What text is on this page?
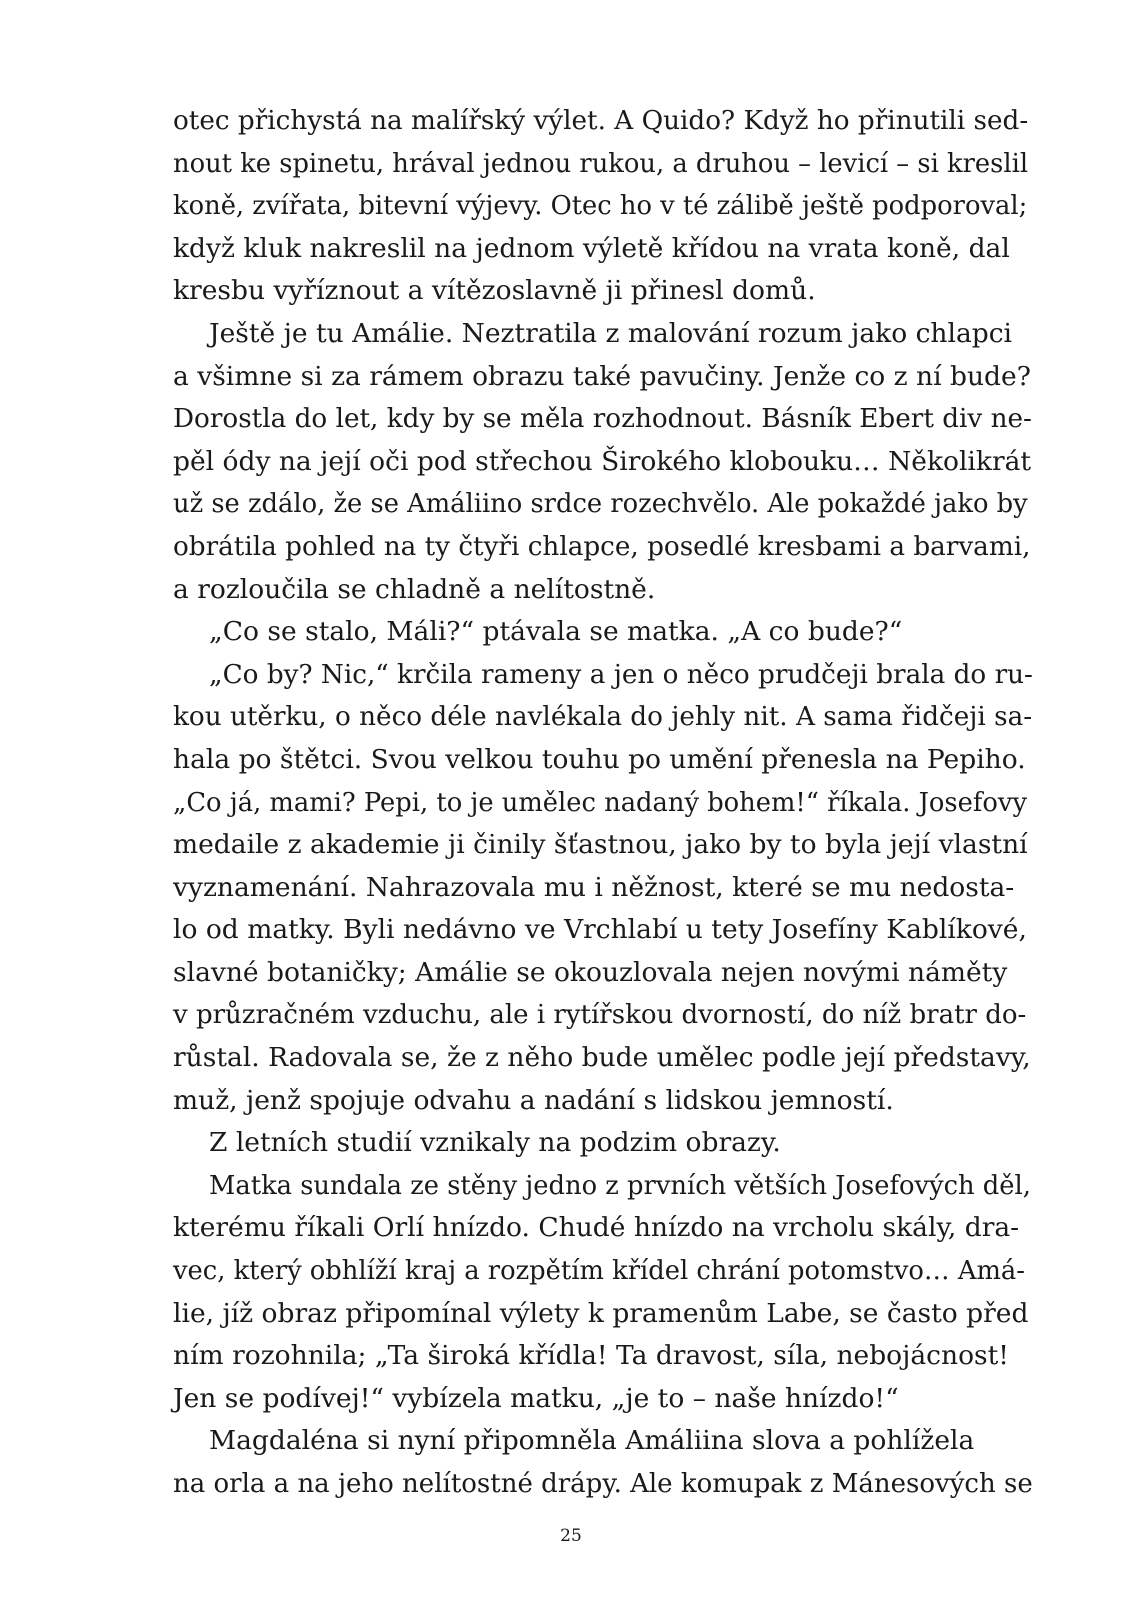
otec přichystá na malířský výlet. A Quido? Když ho přinutili sed-
nout ke spinetu, hrával jednou rukou, a druhou – levicí – si kreslil
koně, zvířata, bitevní výjevy. Otec ho v té zálibě ještě podporoval;
když kluk nakreslil na jednom výletě křídou na vrata koně, dal
kresbu vyříznout a vítězoslavně ji přinesl domů.
Ještě je tu Amálie. Neztratila z malování rozum jako chlapci
a všimne si za rámem obrazu také pavučiny. Jenže co z ní bude?
Dorostla do let, kdy by se měla rozhodnout. Básník Ebert div ne-
pěl ódy na její oči pod střechou Širokého klobouku… Několikrát
už se zdálo, že se Amáliino srdce rozechvělo. Ale pokaždé jako by
obrátila pohled na ty čtyři chlapce, posedlé kresbami a barvami,
a rozloučila se chladně a nelítostně.
„Co se stalo, Máli?“ ptávala se matka. „A co bude?“
„Co by? Nic,“ krčila rameny a jen o něco prudčeji brala do ru-
kou utěrku, o něco déle navlékala do jehly nit. A sama řidčeji sa-
hala po štětci. Svou velkou touhu po umění přenesla na Pepiho.
„Co já, mami? Pepi, to je umělec nadaný bohem!“ říkala. Josefovy
medaile z akademie ji činily šťastnou, jako by to byla její vlastní
vyznamenání. Nahrazovala mu i něžnost, které se mu nedosta-
lo od matky. Byli nedávno ve Vrchlabí u tety Josefíny Kablíkové,
slavné botaničky; Amálie se okouzlovala nejen novými náměty
v průzračném vzduchu, ale i rytířskou dvorností, do níž bratr do-
růstal. Radovala se, že z něho bude umělec podle její představy,
muž, jenž spojuje odvahu a nadání s lidskou jemností.
Z letních studií vznikaly na podzim obrazy.
Matka sundala ze stěny jedno z prvních větších Josefových děl,
kterému říkali Orlí hnízdo. Chudé hnízdo na vrcholu skály, dra-
vec, který obhlíží kraj a rozpětím křídel chrání potomstvo… Amá-
lie, jíž obraz připomínal výlety k pramenům Labe, se často před
ním rozohnila; „Ta široká křídla! Ta dravost, síla, nebojácnost!
Jen se podívej!“ vybízela matku, „je to – naše hnízdo!“
Magdaléna si nyní připomněla Amáliina slova a pohlížela
na orla a na jeho nelítostné drápy. Ale komupak z Mánesových se
25
